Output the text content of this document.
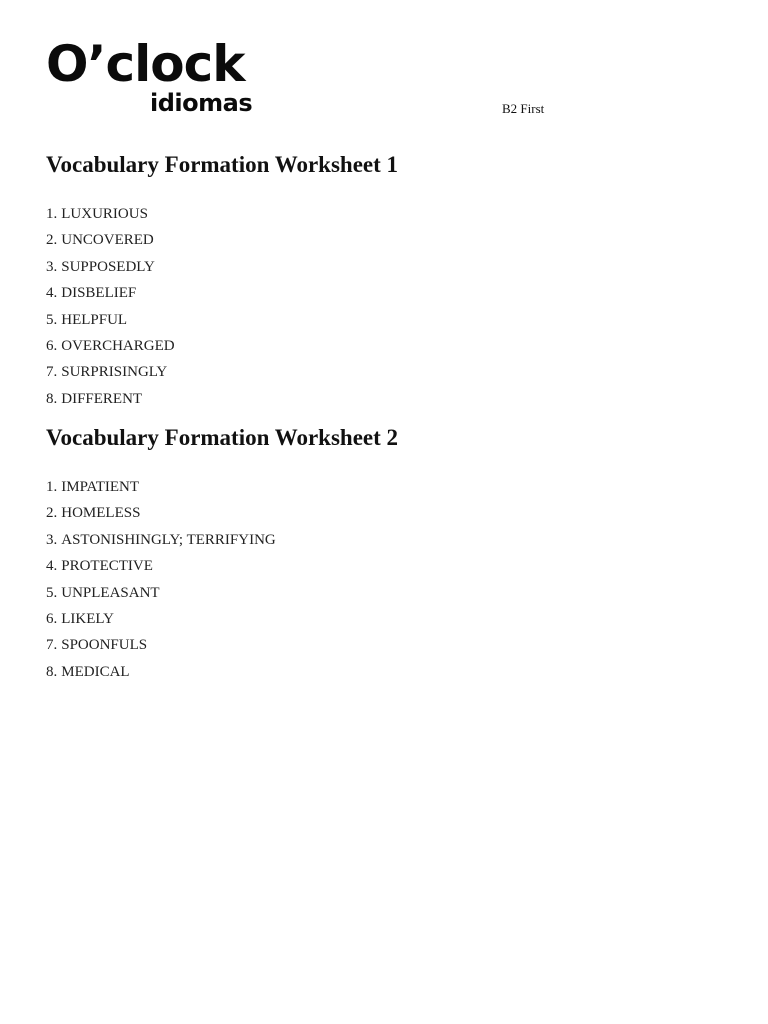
O’clock
idiomas	B2 First
Vocabulary Formation Worksheet 1
1. LUXURIOUS
2. UNCOVERED
3. SUPPOSEDLY
4. DISBELIEF
5. HELPFUL
6. OVERCHARGED
7. SURPRISINGLY
8. DIFFERENT
Vocabulary Formation Worksheet 2
1. IMPATIENT
2. HOMELESS
3. ASTONISHINGLY; TERRIFYING
4. PROTECTIVE
5. UNPLEASANT
6. LIKELY
7. SPOONFULS
8. MEDICAL
